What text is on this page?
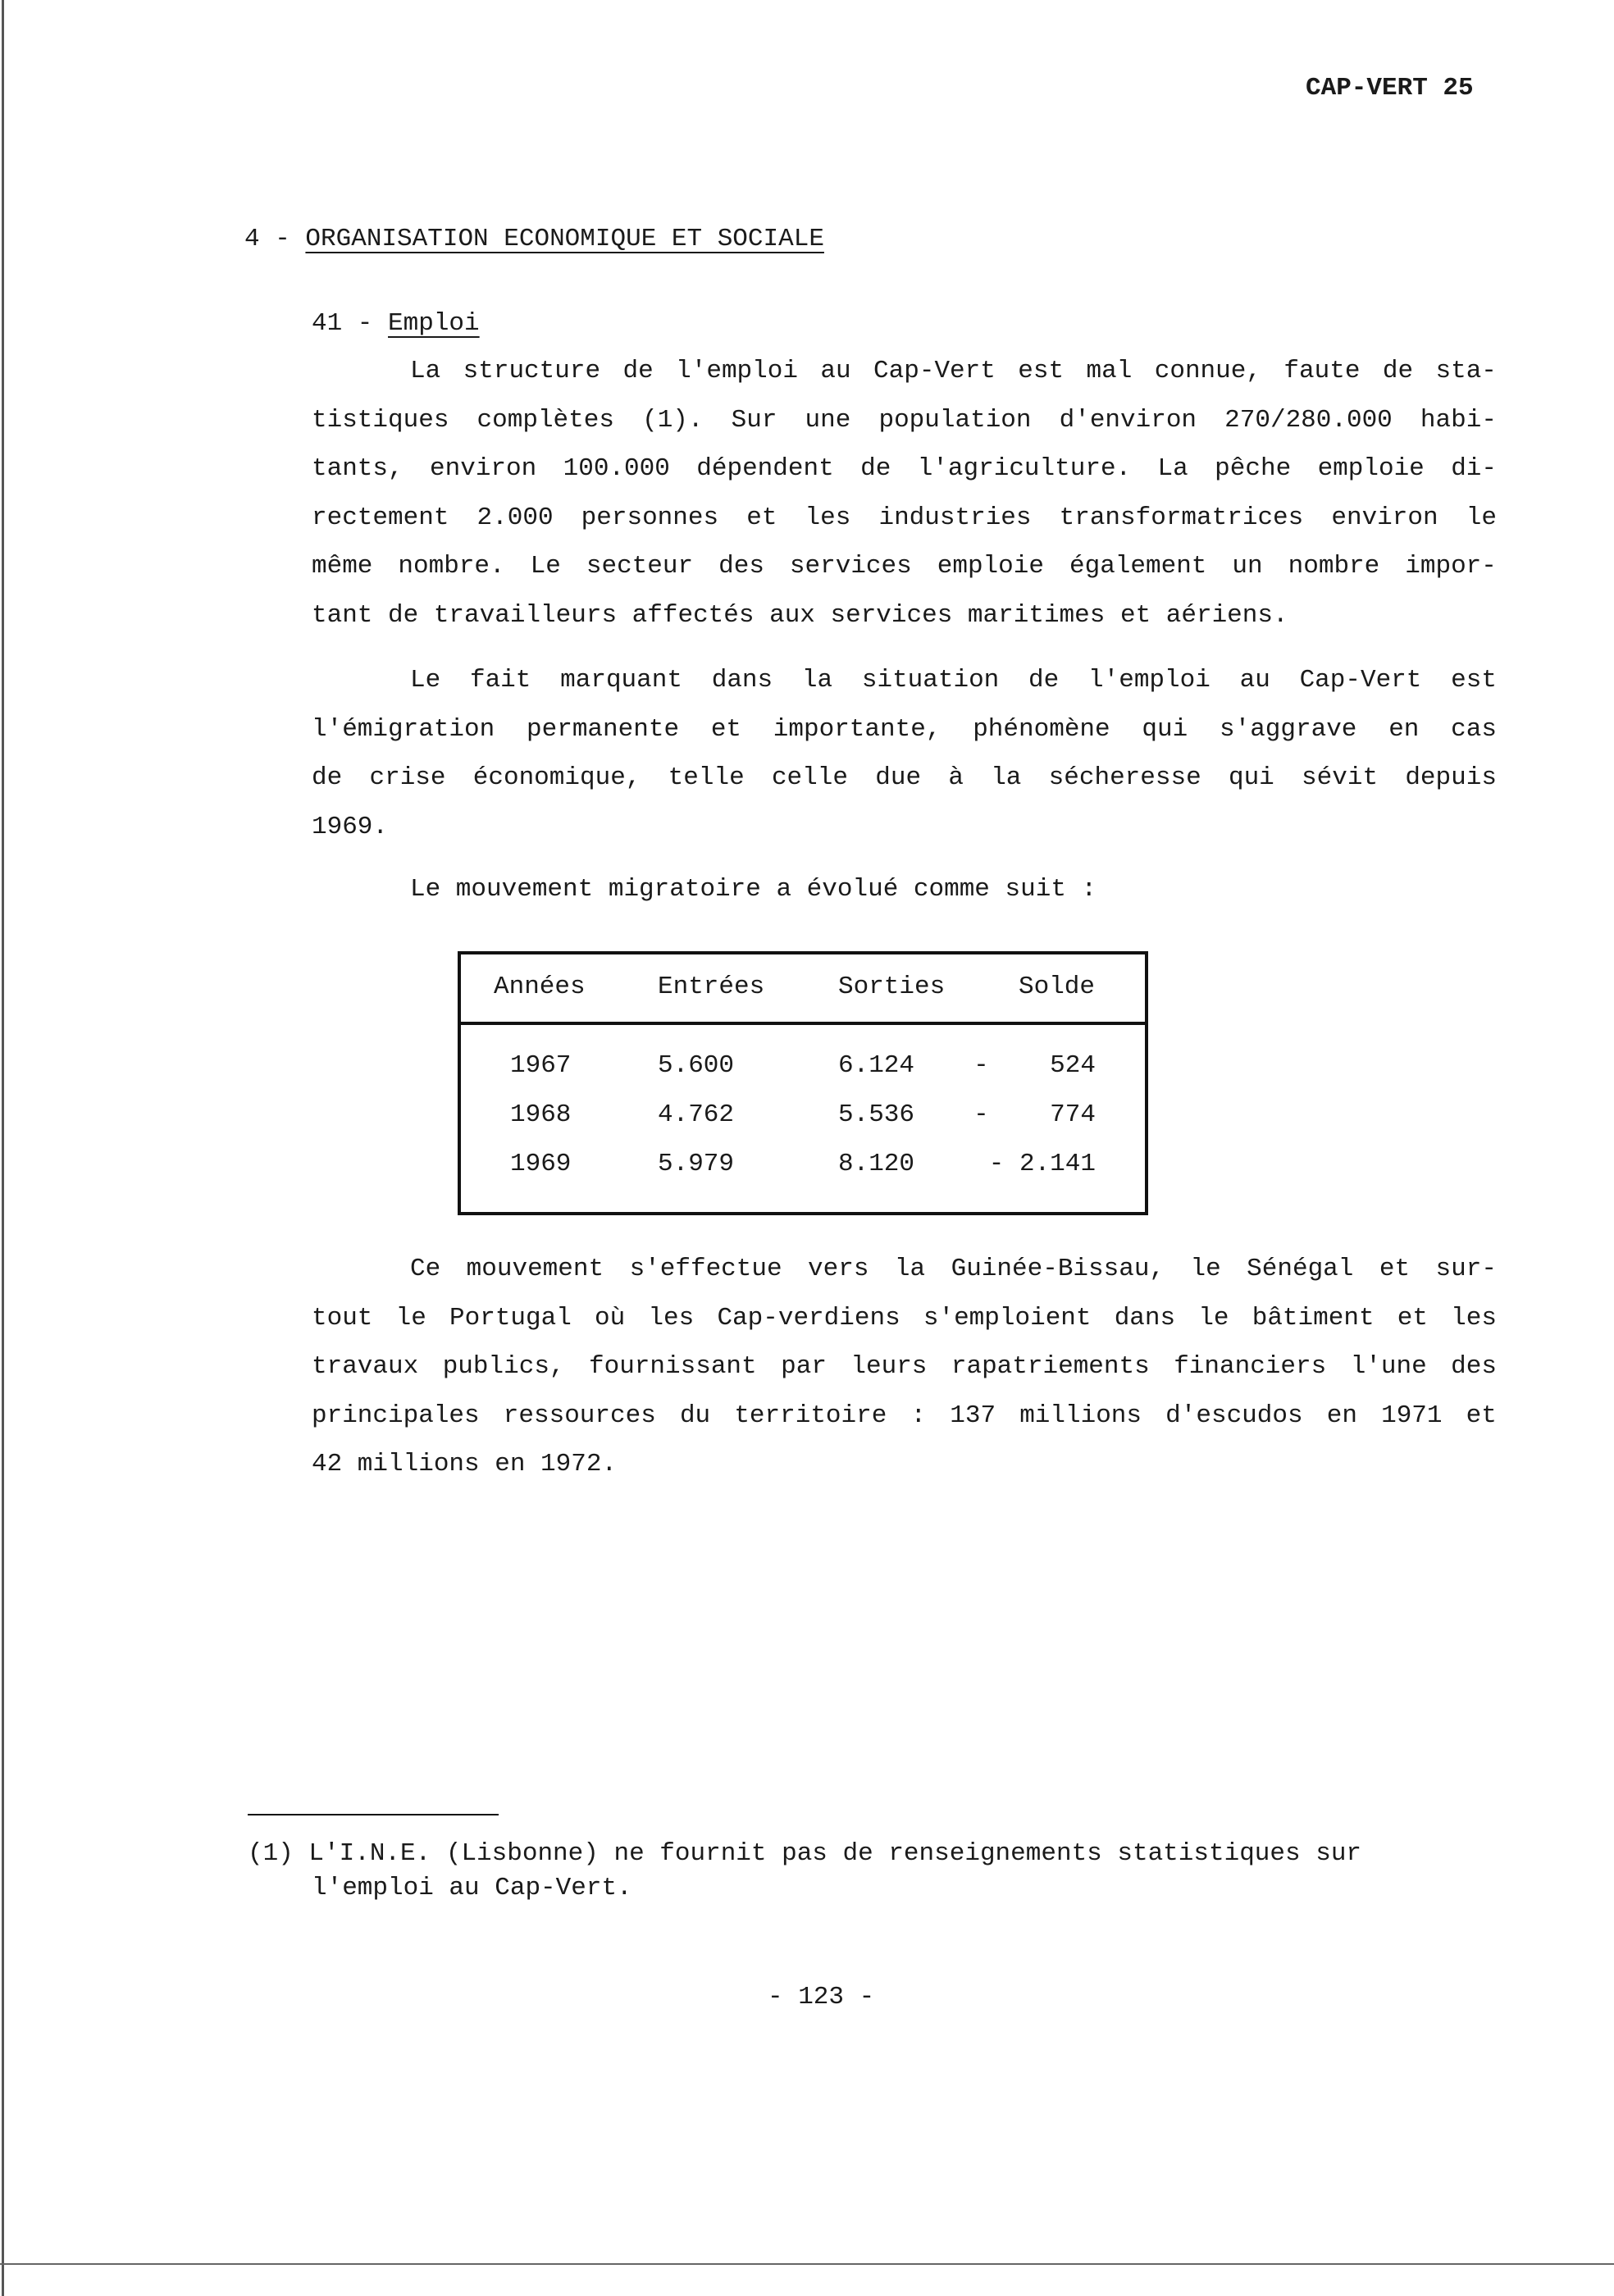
CAP-VERT 25
4 - ORGANISATION ECONOMIQUE ET SOCIALE
41 - Emploi
La structure de l'emploi au Cap-Vert est mal connue, faute de sta-
tistiques complètes (1). Sur une population d'environ 270/280.000 habi-
tants, environ 100.000 dépendent de l'agriculture. La pêche emploie di-
rectement 2.000 personnes et les industries transformatrices environ le
même nombre. Le secteur des services emploie également un nombre impor-
tant de travailleurs affectés aux services maritimes et aériens.
Le fait marquant dans la situation de l'emploi au Cap-Vert est
l'émigration permanente et importante, phénomène qui s'aggrave en cas
de crise économique, telle celle due à la sécheresse qui sévit depuis
1969.
Le mouvement migratoire a évolué comme suit :
Années	Entrées	Sorties	Solde
1967	5.600	6.124 -    524
1968	4.762	5.536 -    774
1969	5.979	8.120	- 2.141
Ce mouvement s'effectue vers la Guinée-Bissau, le Sénégal et sur-
tout le Portugal où les Cap-verdiens s'emploient dans le bâtiment et les
travaux publics, fournissant par leurs rapatriements financiers l'une des
principales ressources du territoire : 137 millions d'escudos en 1971 et
42 millions en 1972.
(1) L'I.N.E. (Lisbonne) ne fournit pas de renseignements statistiques sur
l'emploi au Cap-Vert.
- 123 -
